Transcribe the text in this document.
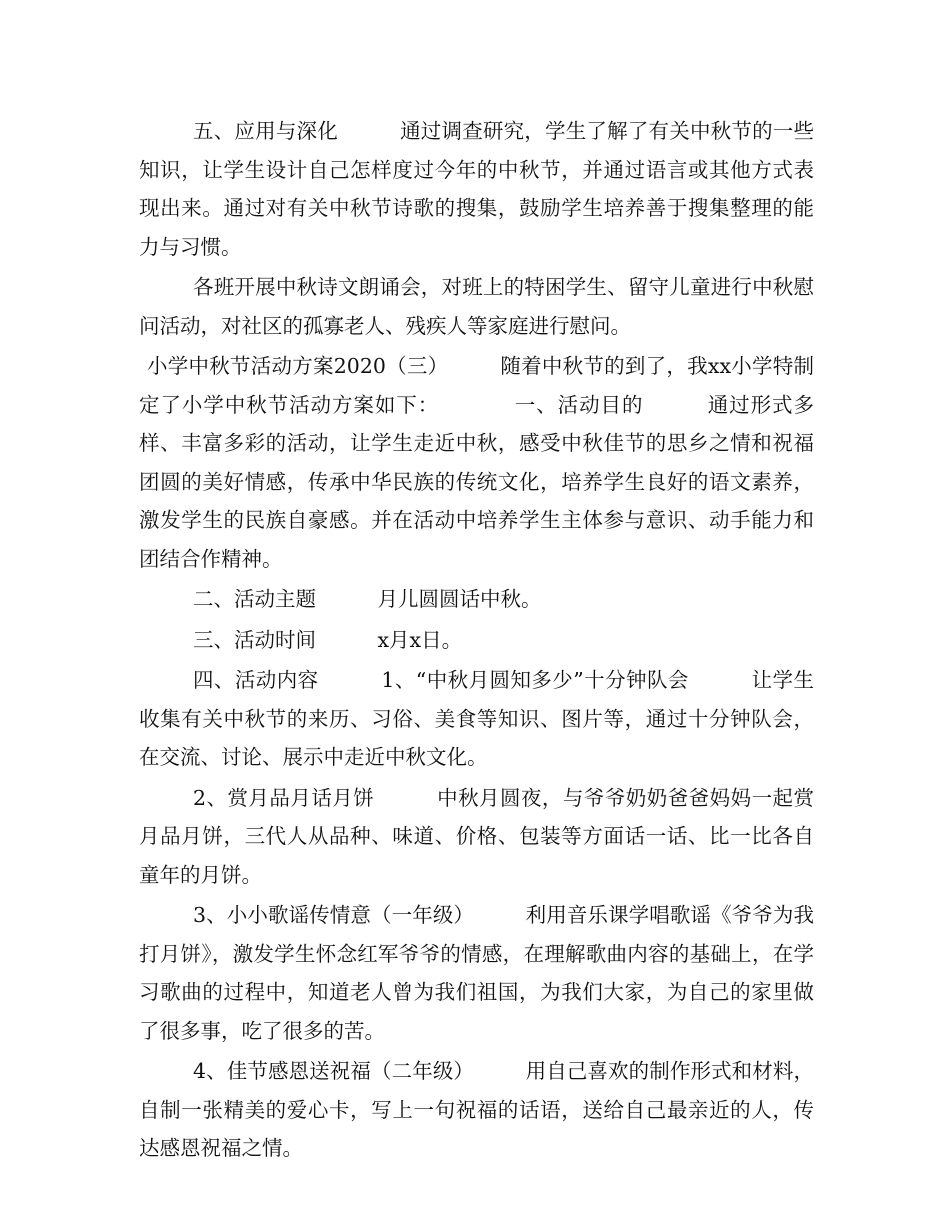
五、应用与深化　　　通过调查研究，学生了解了有关中秋节的一些知识，让学生设计自己怎样度过今年的中秋节，并通过语言或其他方式表现出来。通过对有关中秋节诗歌的搜集，鼓励学生培养善于搜集整理的能力与习惯。

各班开展中秋诗文朗诵会，对班上的特困学生、留守儿童进行中秋慰问活动，对社区的孤寡老人、残疾人等家庭进行慰问。

小学中秋节活动方案2020（三）　　　随着中秋节的到了，我xx小学特制定了小学中秋节活动方案如下：　　　　一、活动目的　　　通过形式多样、丰富多彩的活动，让学生走近中秋，感受中秋佳节的思乡之情和祝福团圆的美好情感，传承中华民族的传统文化，培养学生良好的语文素养，激发学生的民族自豪感。并在活动中培养学生主体参与意识、动手能力和团结合作精神。

二、活动主题　　　月儿圆圆话中秋。

三、活动时间　　　x月x日。

四、活动内容　　　1、“中秋月圆知多少”十分钟队会　　　让学生收集有关中秋节的来历、习俗、美食等知识、图片等，通过十分钟队会，在交流、讨论、展示中走近中秋文化。

2、赏月品月话月饼　　　中秋月圆夜，与爷爷奶奶爸爸妈妈一起赏月品月饼，三代人从品种、味道、价格、包装等方面话一话、比一比各自童年的月饼。

3、小小歌谣传情意（一年级）　　　利用音乐课学唱歌谣《爷爷为我打月饼》，激发学生怀念红军爷爷的情感，在理解歌曲内容的基础上，在学习歌曲的过程中，知道老人曾为我们祖国，为我们大家，为自己的家里做了很多事，吃了很多的苦。

4、佳节感恩送祝福（二年级）　　　用自己喜欢的制作形式和材料，自制一张精美的爱心卡，写上一句祝福的话语，送给自己最亲近的人，传达感恩祝福之情。
